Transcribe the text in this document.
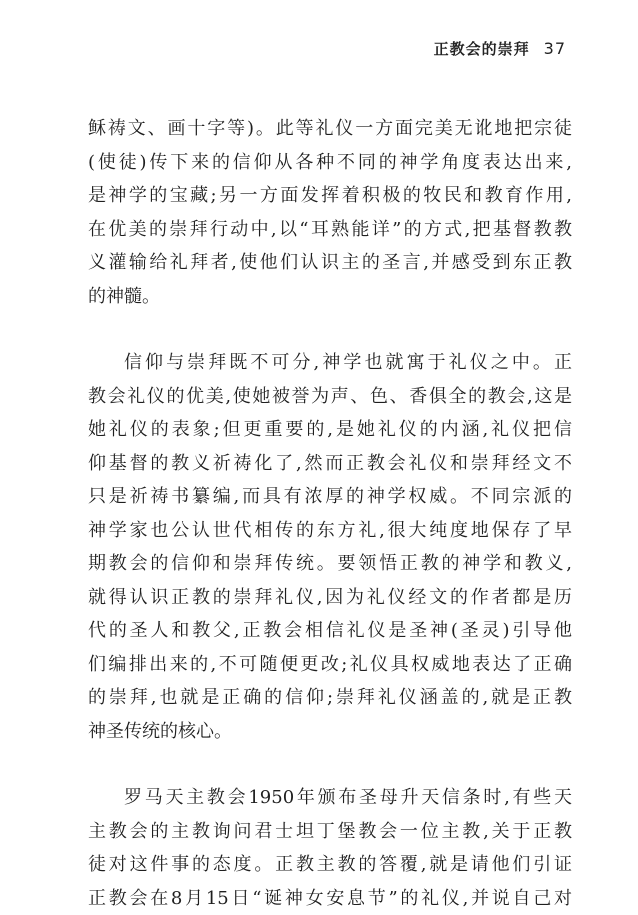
正教会的崇拜 37

稣祷文、画十字等)。此等礼仪一方面完美无讹地把宗徒
(使徒)传下来的信仰从各种不同的神学角度表达出来,
是神学的宝藏;另一方面发挥着积极的牧民和教育作用,
在优美的崇拜行动中,以“耳熟能详”的方式,把基督教教
义灌输给礼拜者,使他们认识主的圣言,并感受到东正教
的神髓。

信仰与崇拜既不可分,神学也就寓于礼仪之中。正
教会礼仪的优美,使她被誉为声、色、香俱全的教会,这是
她礼仪的表象;但更重要的,是她礼仪的内涵,礼仪把信
仰基督的教义祈祷化了,然而正教会礼仪和崇拜经文不
只是祈祷书纂编,而具有浓厚的神学权威。不同宗派的
神学家也公认世代相传的东方礼,很大纯度地保存了早
期教会的信仰和崇拜传统。要领悟正教的神学和教义,
就得认识正教的崇拜礼仪,因为礼仪经文的作者都是历
代的圣人和教父,正教会相信礼仪是圣神(圣灵)引导他
们编排出来的,不可随便更改;礼仪具权威地表达了正确
的崇拜,也就是正确的信仰;崇拜礼仪涵盖的,就是正教
神圣传统的核心。

罗马天主教会1950年颁布圣母升天信条时,有些天
主教会的主教询问君士坦丁堡教会一位主教,关于正教
徒对这件事的态度。正教主教的答覆,就是请他们引证
正教会在8月15日“诞神女安息节”的礼仪,并说自己对
